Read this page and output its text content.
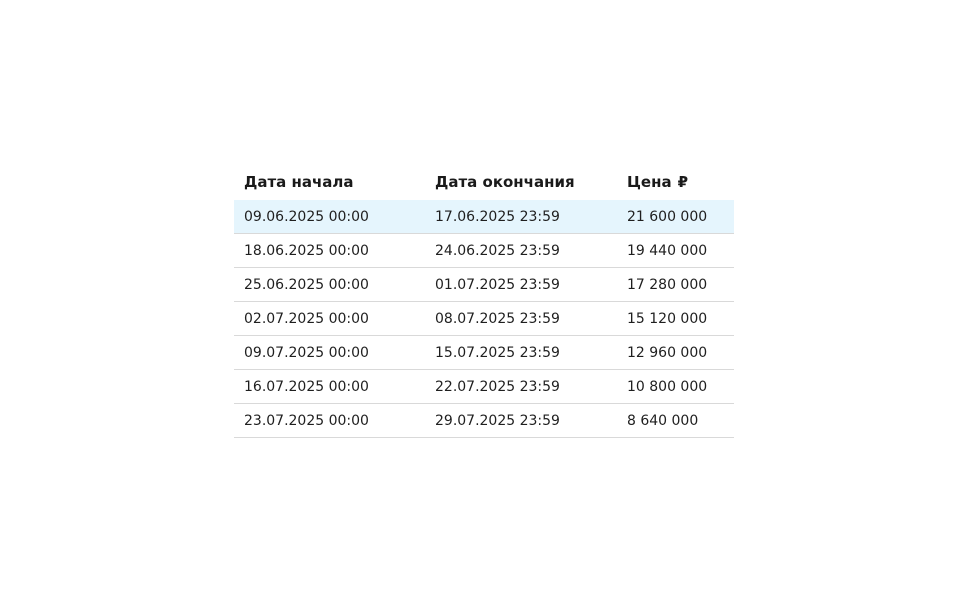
Дата начала	Дата окончания	Цена ₽
09.06.2025 00:00	17.06.2025 23:59	21 600 000
18.06.2025 00:00	24.06.2025 23:59	19 440 000
25.06.2025 00:00	01.07.2025 23:59	17 280 000
02.07.2025 00:00	08.07.2025 23:59	15 120 000
09.07.2025 00:00	15.07.2025 23:59	12 960 000
16.07.2025 00:00	22.07.2025 23:59	10 800 000
23.07.2025 00:00	29.07.2025 23:59	8 640 000
